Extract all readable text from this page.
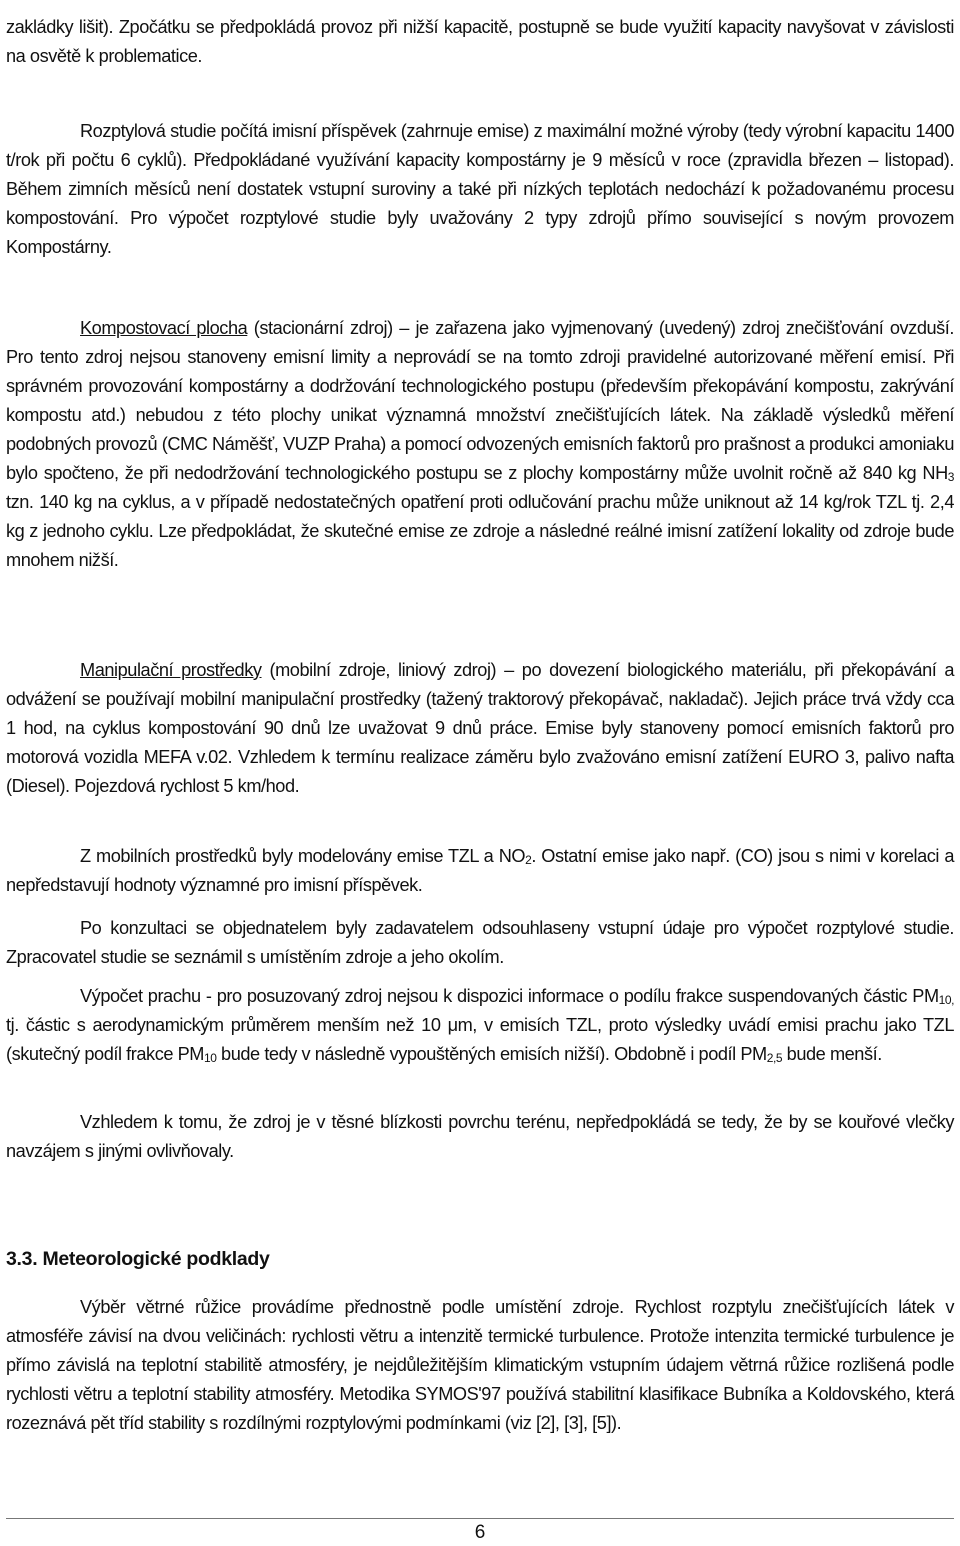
zakládky lišit). Zpočátku se předpokládá provoz při nižší kapacitě, postupně se bude využití kapacity navyšovat v závislosti na osvětě k problematice.

Rozptylová studie počítá imisní příspěvek (zahrnuje emise) z maximální možné výroby (tedy výrobní kapacitu 1400 t/rok při počtu 6 cyklů). Předpokládané využívání kapacity kompostárny je 9 měsíců v roce (zpravidla březen – listopad). Během zimních měsíců není dostatek vstupní suroviny a také při nízkých teplotách nedochází k požadovanému procesu kompostování. Pro výpočet rozptylové studie byly uvažovány 2 typy zdrojů přímo související s novým provozem Kompostárny.

Kompostovací plocha (stacionární zdroj) – je zařazena jako vyjmenovaný (uvedený) zdroj znečišťování ovzduší. Pro tento zdroj nejsou stanoveny emisní limity a neprovádí se na tomto zdroji pravidelné autorizované měření emisí. Při správném provozování kompostárny a dodržování technologického postupu (především překopávání kompostu, zakrývání kompostu atd.) nebudou z této plochy unikat významná množství znečišťujících látek. Na základě výsledků měření podobných provozů (CMC Náměšť, VUZP Praha) a pomocí odvozených emisních faktorů pro prašnost a produkci amoniaku bylo spočteno, že při nedodržování technologického postupu se z plochy kompostárny může uvolnit ročně až 840 kg $NH_3$ tzn. 140 kg na cyklus, a v případě nedostatečných opatření proti odlučování prachu může uniknout až 14 kg/rok TZL tj. 2,4 kg z jednoho cyklu. Lze předpokládat, že skutečné emise ze zdroje a následné reálné imisní zatížení lokality od zdroje bude mnohem nižší.

Manipulační prostředky (mobilní zdroje, liniový zdroj) – po dovezení biologického materiálu, při překopávání a odvážení se používají mobilní manipulační prostředky (tažený traktorový překopávač, nakladač). Jejich práce trvá vždy cca 1 hod, na cyklus kompostování 90 dnů lze uvažovat 9 dnů práce. Emise byly stanoveny pomocí emisních faktorů pro motorová vozidla MEFA v.02. Vzhledem k termínu realizace záměru bylo zvažováno emisní zatížení EURO 3, palivo nafta (Diesel). Pojezdová rychlost 5 km/hod.

Z mobilních prostředků byly modelovány emise TZL a $NO_2$. Ostatní emise jako např. (CO) jsou s nimi v korelaci a nepředstavují hodnoty významné pro imisní příspěvek.

Po konzultaci se objednatelem byly zadavatelem odsouhlaseny vstupní údaje pro výpočet rozptylové studie. Zpracovatel studie se seznámil s umístěním zdroje a jeho okolím.

Výpočet prachu - pro posuzovaný zdroj nejsou k dispozici informace o podílu frakce suspendovaných částic $PM_{10,}$ tj. částic s aerodynamickým průměrem menším než 10 μm, v emisích TZL, proto výsledky uvádí emisi prachu jako TZL (skutečný podíl frakce $PM_{10}$ bude tedy v následně vypouštěných emisích nižší). Obdobně i podíl $PM_{2,5}$ bude menší.

Vzhledem k tomu, že zdroj je v těsné blízkosti povrchu terénu, nepředpokládá se tedy, že by se kouřové vlečky navzájem s jinými ovlivňovaly.

3.3. Meteorologické podklady

Výběr větrné růžice provádíme přednostně podle umístění zdroje. Rychlost rozptylu znečišťujících látek v atmosféře závisí na dvou veličinách: rychlosti větru a intenzitě termické turbulence. Protože intenzita termické turbulence je přímo závislá na teplotní stabilitě atmosféry, je nejdůležitějším klimatickým vstupním údajem větrná růžice rozlišená podle rychlosti větru a teplotní stability atmosféry. Metodika SYMOS'97 používá stabilitní klasifikace Bubníka a Koldovského, která rozeznává pět tříd stability s rozdílnými rozptylovými podmínkami (viz [2], [3], [5]).

6
